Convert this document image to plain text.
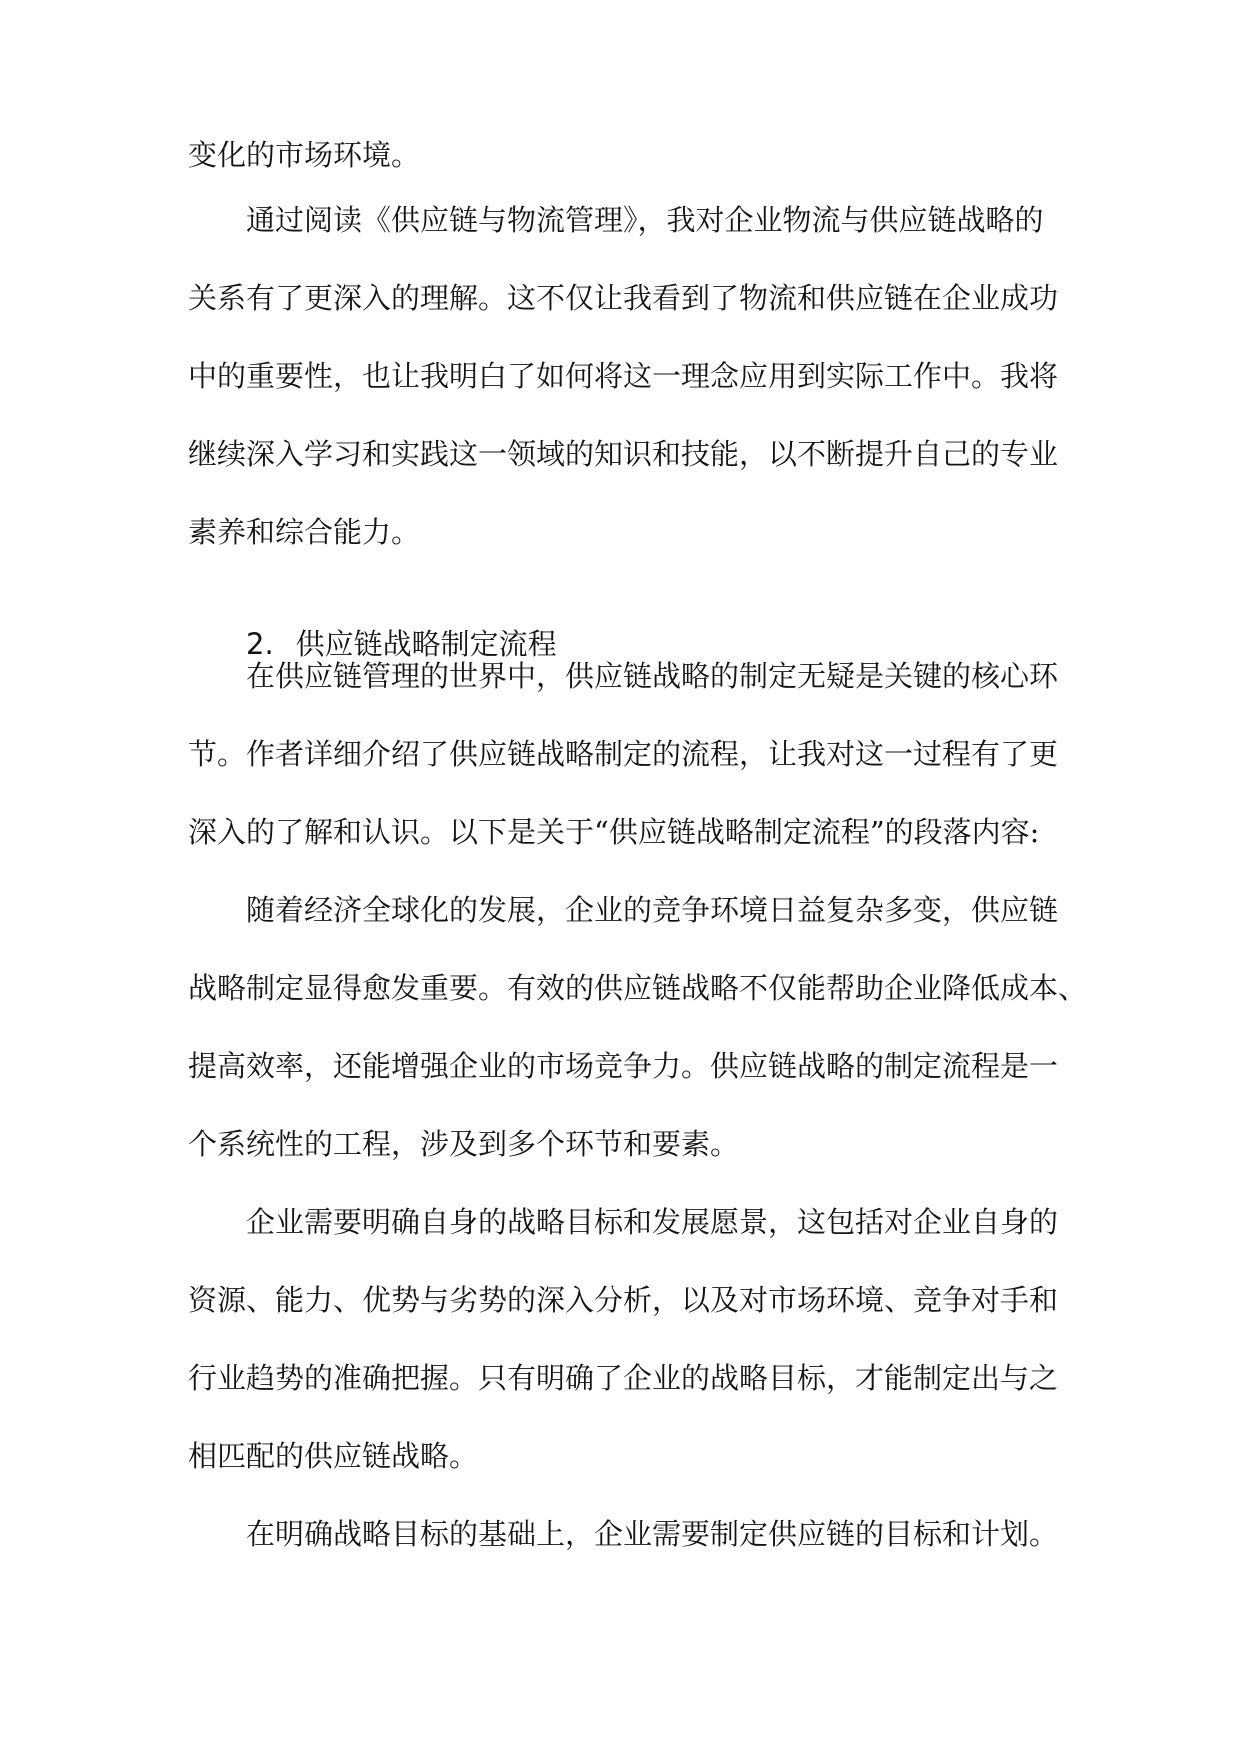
变化的市场环境。
通过阅读《供应链与物流管理》，我对企业物流与供应链战略的
关系有了更深入的理解。这不仅让我看到了物流和供应链在企业成功
中的重要性，也让我明白了如何将这一理念应用到实际工作中。我将
继续深入学习和实践这一领域的知识和技能，以不断提升自己的专业
素养和综合能力。
2. 供应链战略制定流程
在供应链管理的世界中，供应链战略的制定无疑是关键的核心环
节。作者详细介绍了供应链战略制定的流程，让我对这一过程有了更
深入的了解和认识。以下是关于“供应链战略制定流程”的段落内容:
随着经济全球化的发展，企业的竞争环境日益复杂多变，供应链
战略制定显得愈发重要。有效的供应链战略不仅能帮助企业降低成本、
提高效率，还能增强企业的市场竞争力。供应链战略的制定流程是一
个系统性的工程，涉及到多个环节和要素。
企业需要明确自身的战略目标和发展愿景，这包括对企业自身的
资源、能力、优势与劣势的深入分析，以及对市场环境、竞争对手和
行业趋势的准确把握。只有明确了企业的战略目标，才能制定出与之
相匹配的供应链战略。
在明确战略目标的基础上，企业需要制定供应链的目标和计划。
